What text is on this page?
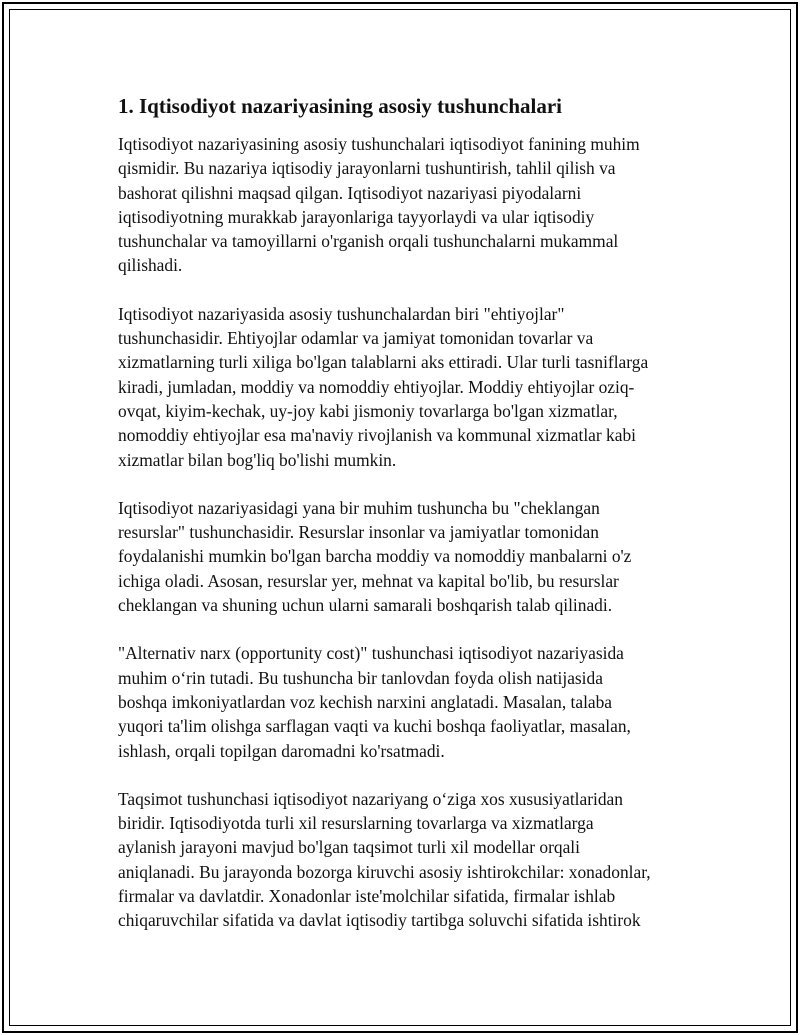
1. Iqtisodiyot nazariyasining asosiy tushunchalari
Iqtisodiyot nazariyasining asosiy tushunchalari iqtisodiyot fanining muhim
qismidir. Bu nazariya iqtisodiy jarayonlarni tushuntirish, tahlil qilish va
bashorat qilishni maqsad qilgan. Iqtisodiyot nazariyasi piyodalarni
iqtisodiyotning murakkab jarayonlariga tayyorlaydi va ular iqtisodiy
tushunchalar va tamoyillarni o'rganish orqali tushunchalarni mukammal
qilishadi.
Iqtisodiyot nazariyasida asosiy tushunchalardan biri "ehtiyojlar"
tushunchasidir. Ehtiyojlar odamlar va jamiyat tomonidan tovarlar va
xizmatlarning turli xiliga bo'lgan talablarni aks ettiradi. Ular turli tasniflarga
kiradi, jumladan, moddiy va nomoddiy ehtiyojlar. Moddiy ehtiyojlar oziq-
ovqat, kiyim-kechak, uy-joy kabi jismoniy tovarlarga bo'lgan xizmatlar,
nomoddiy ehtiyojlar esa ma'naviy rivojlanish va kommunal xizmatlar kabi
xizmatlar bilan bog'liq bo'lishi mumkin.
Iqtisodiyot nazariyasidagi yana bir muhim tushuncha bu "cheklangan
resurslar" tushunchasidir. Resurslar insonlar va jamiyatlar tomonidan
foydalanishi mumkin bo'lgan barcha moddiy va nomoddiy manbalarni o'z
ichiga oladi. Asosan, resurslar yer, mehnat va kapital bo'lib, bu resurslar
cheklangan va shuning uchun ularni samarali boshqarish talab qilinadi.
"Alternativ narx (opportunity cost)" tushunchasi iqtisodiyot nazariyasida
muhim o‘rin tutadi. Bu tushuncha bir tanlovdan foyda olish natijasida
boshqa imkoniyatlardan voz kechish narxini anglatadi. Masalan, talaba
yuqori ta'lim olishga sarflagan vaqti va kuchi boshqa faoliyatlar, masalan,
ishlash, orqali topilgan daromadni ko'rsatmadi.
Taqsimot tushunchasi iqtisodiyot nazariyang o‘ziga xos xususiyatlaridan
biridir. Iqtisodiyotda turli xil resurslarning tovarlarga va xizmatlarga
aylanish jarayoni mavjud bo'lgan taqsimot turli xil modellar orqali
aniqlanadi. Bu jarayonda bozorga kiruvchi asosiy ishtirokchilar: xonadonlar,
firmalar va davlatdir. Xonadonlar iste'molchilar sifatida, firmalar ishlab
chiqaruvchilar sifatida va davlat iqtisodiy tartibga soluvchi sifatida ishtirok
